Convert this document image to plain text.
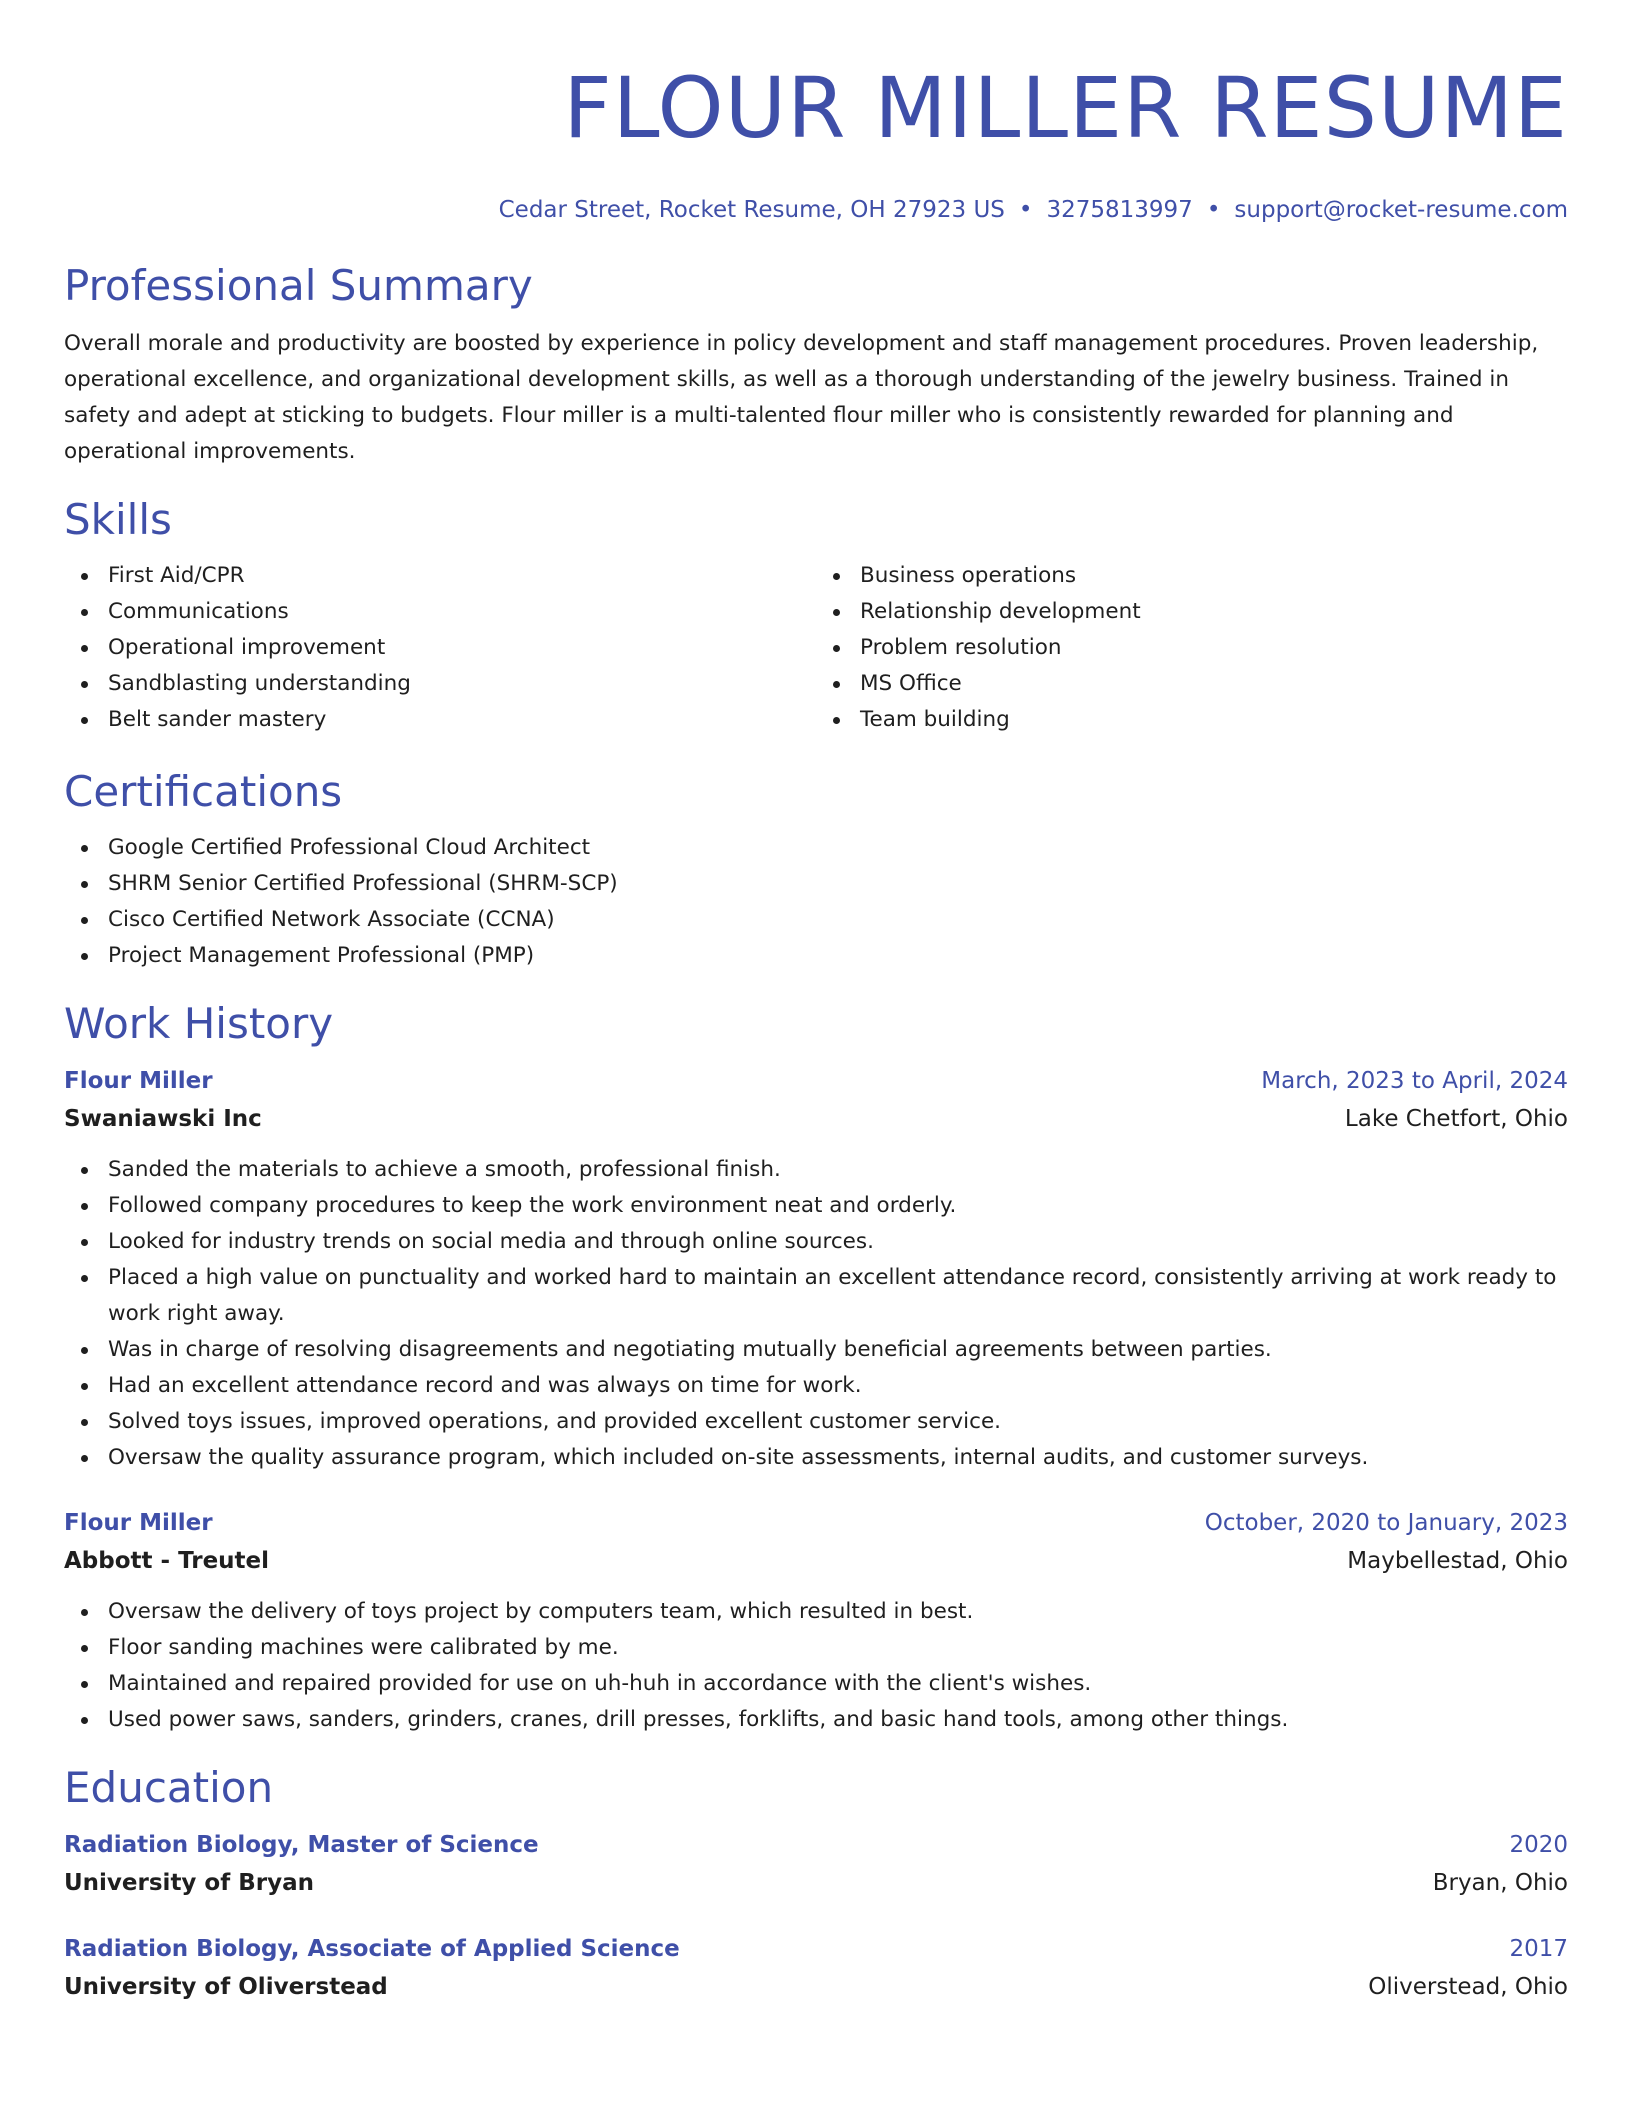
FLOUR MILLER RESUME
Cedar Street, Rocket Resume, OH 27923 US • 3275813997 • support@rocket-resume.com
Professional Summary

Overall morale and productivity are boosted by experience in policy development and staff management procedures. Proven leadership, operational excellence, and organizational development skills, as well as a thorough understanding of the jewelry business. Trained in safety and adept at sticking to budgets. Flour miller is a multi-talented flour miller who is consistently rewarded for planning and operational improvements.

Skills
First Aid/CPR
Communications
Operational improvement
Sandblasting understanding
Belt sander mastery
Business operations
Relationship development
Problem resolution
MS Office
Team building
Certifications
Google Certified Professional Cloud Architect
SHRM Senior Certified Professional (SHRM-SCP)
Cisco Certified Network Associate (CCNA)
Project Management Professional (PMP)
Work History
Flour Miller	March, 2023 to April, 2024
Swaniawski Inc	Lake Chetfort, Ohio
Sanded the materials to achieve a smooth, professional finish.
Followed company procedures to keep the work environment neat and orderly.
Looked for industry trends on social media and through online sources.
Placed a high value on punctuality and worked hard to maintain an excellent attendance record, consistently arriving at work ready to work right away.
Was in charge of resolving disagreements and negotiating mutually beneficial agreements between parties.
Had an excellent attendance record and was always on time for work.
Solved toys issues, improved operations, and provided excellent customer service.
Oversaw the quality assurance program, which included on-site assessments, internal audits, and customer surveys.
Flour Miller	October, 2020 to January, 2023
Abbott - Treutel	Maybellestad, Ohio
Oversaw the delivery of toys project by computers team, which resulted in best.
Floor sanding machines were calibrated by me.
Maintained and repaired provided for use on uh-huh in accordance with the client's wishes.
Used power saws, sanders, grinders, cranes, drill presses, forklifts, and basic hand tools, among other things.
Education
Radiation Biology, Master of Science	2020
University of Bryan	Bryan, Ohio
Radiation Biology, Associate of Applied Science	2017
University of Oliverstead	Oliverstead, Ohio
